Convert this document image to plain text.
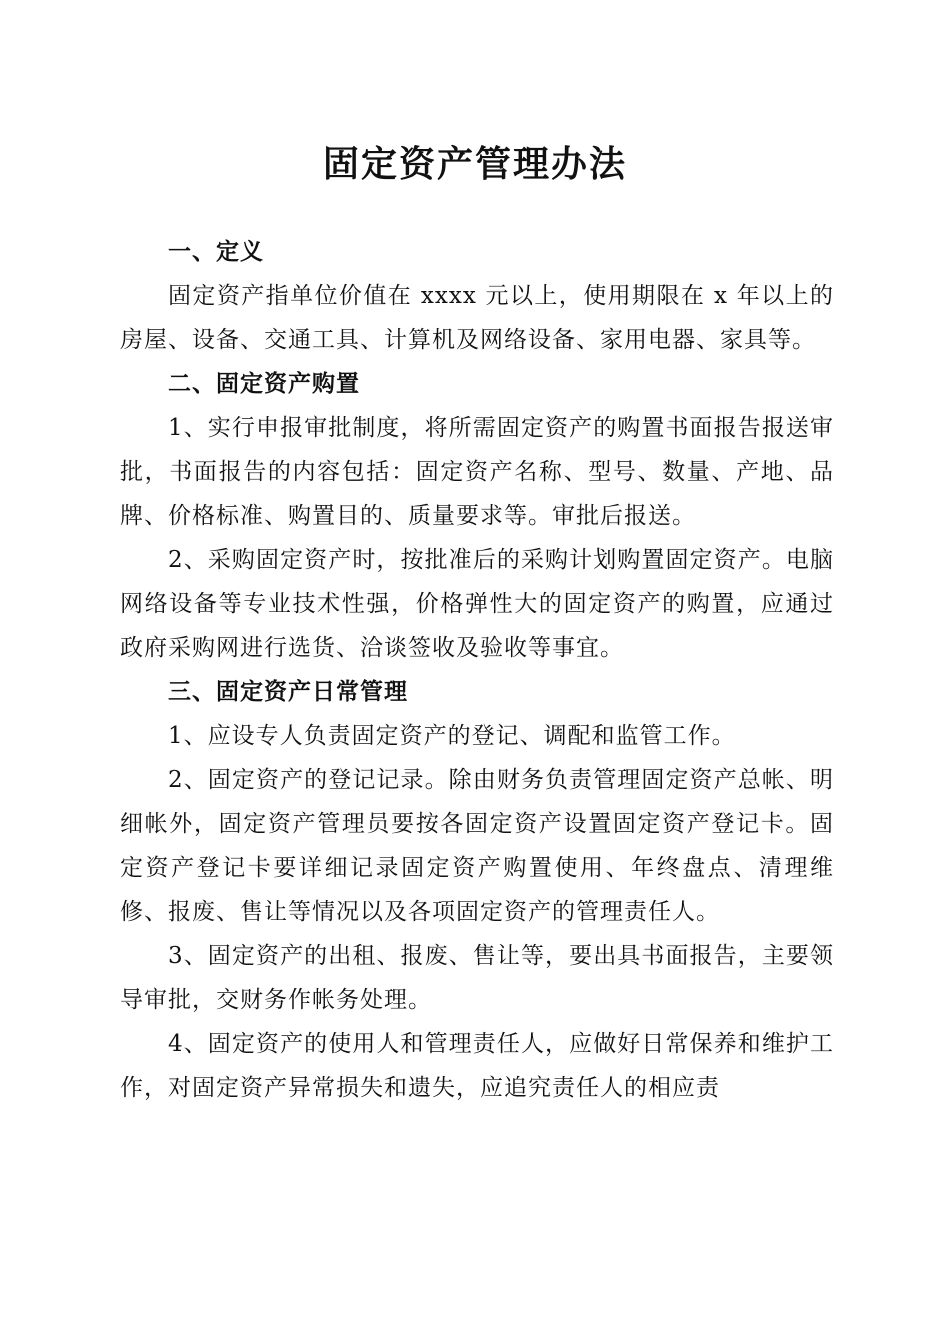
固定资产管理办法
一、定义

固定资产指单位价值在 xxxx 元以上，使用期限在 x 年以上的房屋、设备、交通工具、计算机及网络设备、家用电器、家具等。

二、固定资产购置

1、实行申报审批制度，将所需固定资产的购置书面报告报送审批，书面报告的内容包括：固定资产名称、型号、数量、产地、品牌、价格标准、购置目的、质量要求等。审批后报送。

2、采购固定资产时，按批准后的采购计划购置固定资产。电脑网络设备等专业技术性强，价格弹性大的固定资产的购置，应通过政府采购网进行选货、洽谈签收及验收等事宜。

三、固定资产日常管理

1、应设专人负责固定资产的登记、调配和监管工作。

2、固定资产的登记记录。除由财务负责管理固定资产总帐、明细帐外，固定资产管理员要按各固定资产设置固定资产登记卡。固定资产登记卡要详细记录固定资产购置使用、年终盘点、清理维修、报废、售让等情况以及各项固定资产的管理责任人。

3、固定资产的出租、报废、售让等，要出具书面报告，主要领导审批，交财务作帐务处理。

4、固定资产的使用人和管理责任人，应做好日常保养和维护工作，对固定资产异常损失和遗失，应追究责任人的相应责
